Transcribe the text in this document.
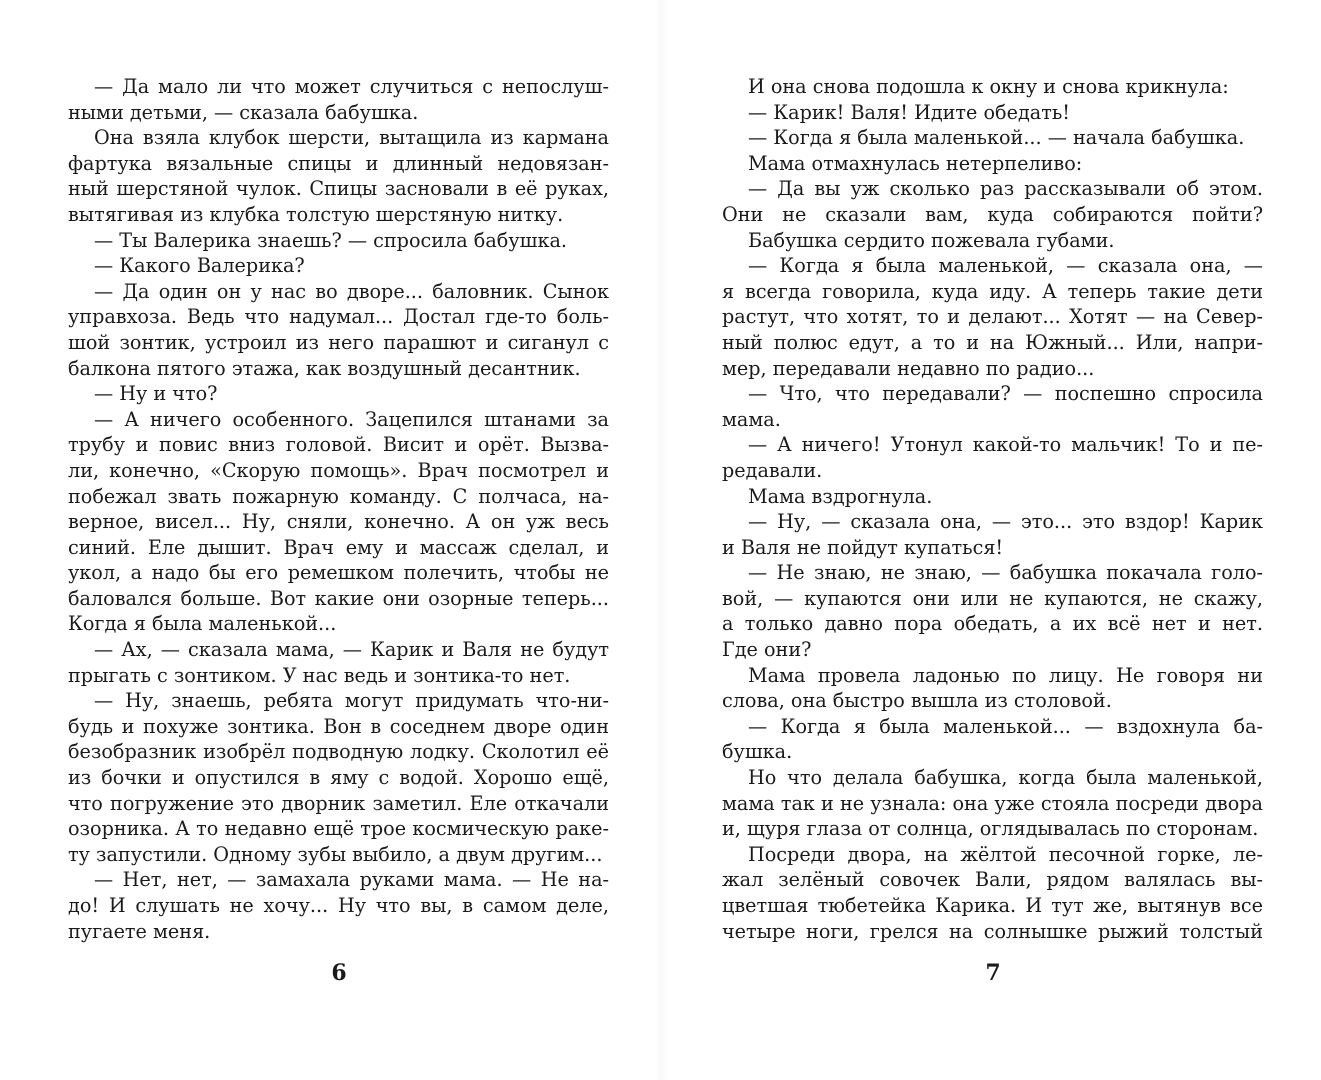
— Да мало ли что может случиться с непослуш-
ными детьми, — сказала бабушка.
Она взяла клубок шерсти, вытащила из кармана
фартука вязальные спицы и длинный недовязан-
ный шерстяной чулок. Спицы засновали в её руках,
вытягивая из клубка толстую шерстяную нитку.
— Ты Валерика знаешь? — спросила бабушка.
— Какого Валерика?
— Да один он у нас во дворе... баловник. Сынок
управхоза. Ведь что надумал... Достал где-то боль-
шой зонтик, устроил из него парашют и сиганул с
балкона пятого этажа, как воздушный десантник.
— Ну и что?
— А ничего особенного. Зацепился штанами за
трубу и повис вниз головой. Висит и орёт. Вызва-
ли, конечно, «Скорую помощь». Врач посмотрел и
побежал звать пожарную команду. С полчаса, на-
верное, висел... Ну, сняли, конечно. А он уж весь
синий. Еле дышит. Врач ему и массаж сделал, и
укол, а надо бы его ремешком полечить, чтобы не
баловался больше. Вот какие они озорные теперь...
Когда я была маленькой...
— Ах, — сказала мама, — Карик и Валя не будут
прыгать с зонтиком. У нас ведь и зонтика-то нет.
— Ну, знаешь, ребята могут придумать что-ни-
будь и похуже зонтика. Вон в соседнем дворе один
безобразник изобрёл подводную лодку. Сколотил её
из бочки и опустился в яму с водой. Хорошо ещё,
что погружение это дворник заметил. Еле откачали
озорника. А то недавно ещё трое космическую раке-
ту запустили. Одному зубы выбило, а двум другим...
— Нет, нет, — замахала руками мама. — Не на-
до! И слушать не хочу... Ну что вы, в самом деле,
пугаете меня.
6
И она снова подошла к окну и снова крикнула:
— Карик! Валя! Идите обедать!
— Когда я была маленькой... — начала бабушка.
Мама отмахнулась нетерпеливо:
— Да вы уж сколько раз рассказывали об этом.
Они не сказали вам, куда собираются пойти?
Бабушка сердито пожевала губами.
— Когда я была маленькой, — сказала она, —
я всегда говорила, куда иду. А теперь такие дети
растут, что хотят, то и делают... Хотят — на Север-
ный полюс едут, а то и на Южный... Или, напри-
мер, передавали недавно по радио...
— Что, что передавали? — поспешно спросила
мама.
— А ничего! Утонул какой-то мальчик! То и пе-
редавали.
Мама вздрогнула.
— Ну, — сказала она, — это... это вздор! Карик
и Валя не пойдут купаться!
— Не знаю, не знаю, — бабушка покачала голо-
вой, — купаются они или не купаются, не скажу,
а только давно пора обедать, а их всё нет и нет.
Где они?
Мама провела ладонью по лицу. Не говоря ни
слова, она быстро вышла из столовой.
— Когда я была маленькой... — вздохнула ба-
бушка.
Но что делала бабушка, когда была маленькой,
мама так и не узнала: она уже стояла посреди двора
и, щуря глаза от солнца, оглядывалась по сторонам.
Посреди двора, на жёлтой песочной горке, ле-
жал зелёный совочек Вали, рядом валялась вы-
цветшая тюбетейка Карика. И тут же, вытянув все
четыре ноги, грелся на солнышке рыжий толстый
7
